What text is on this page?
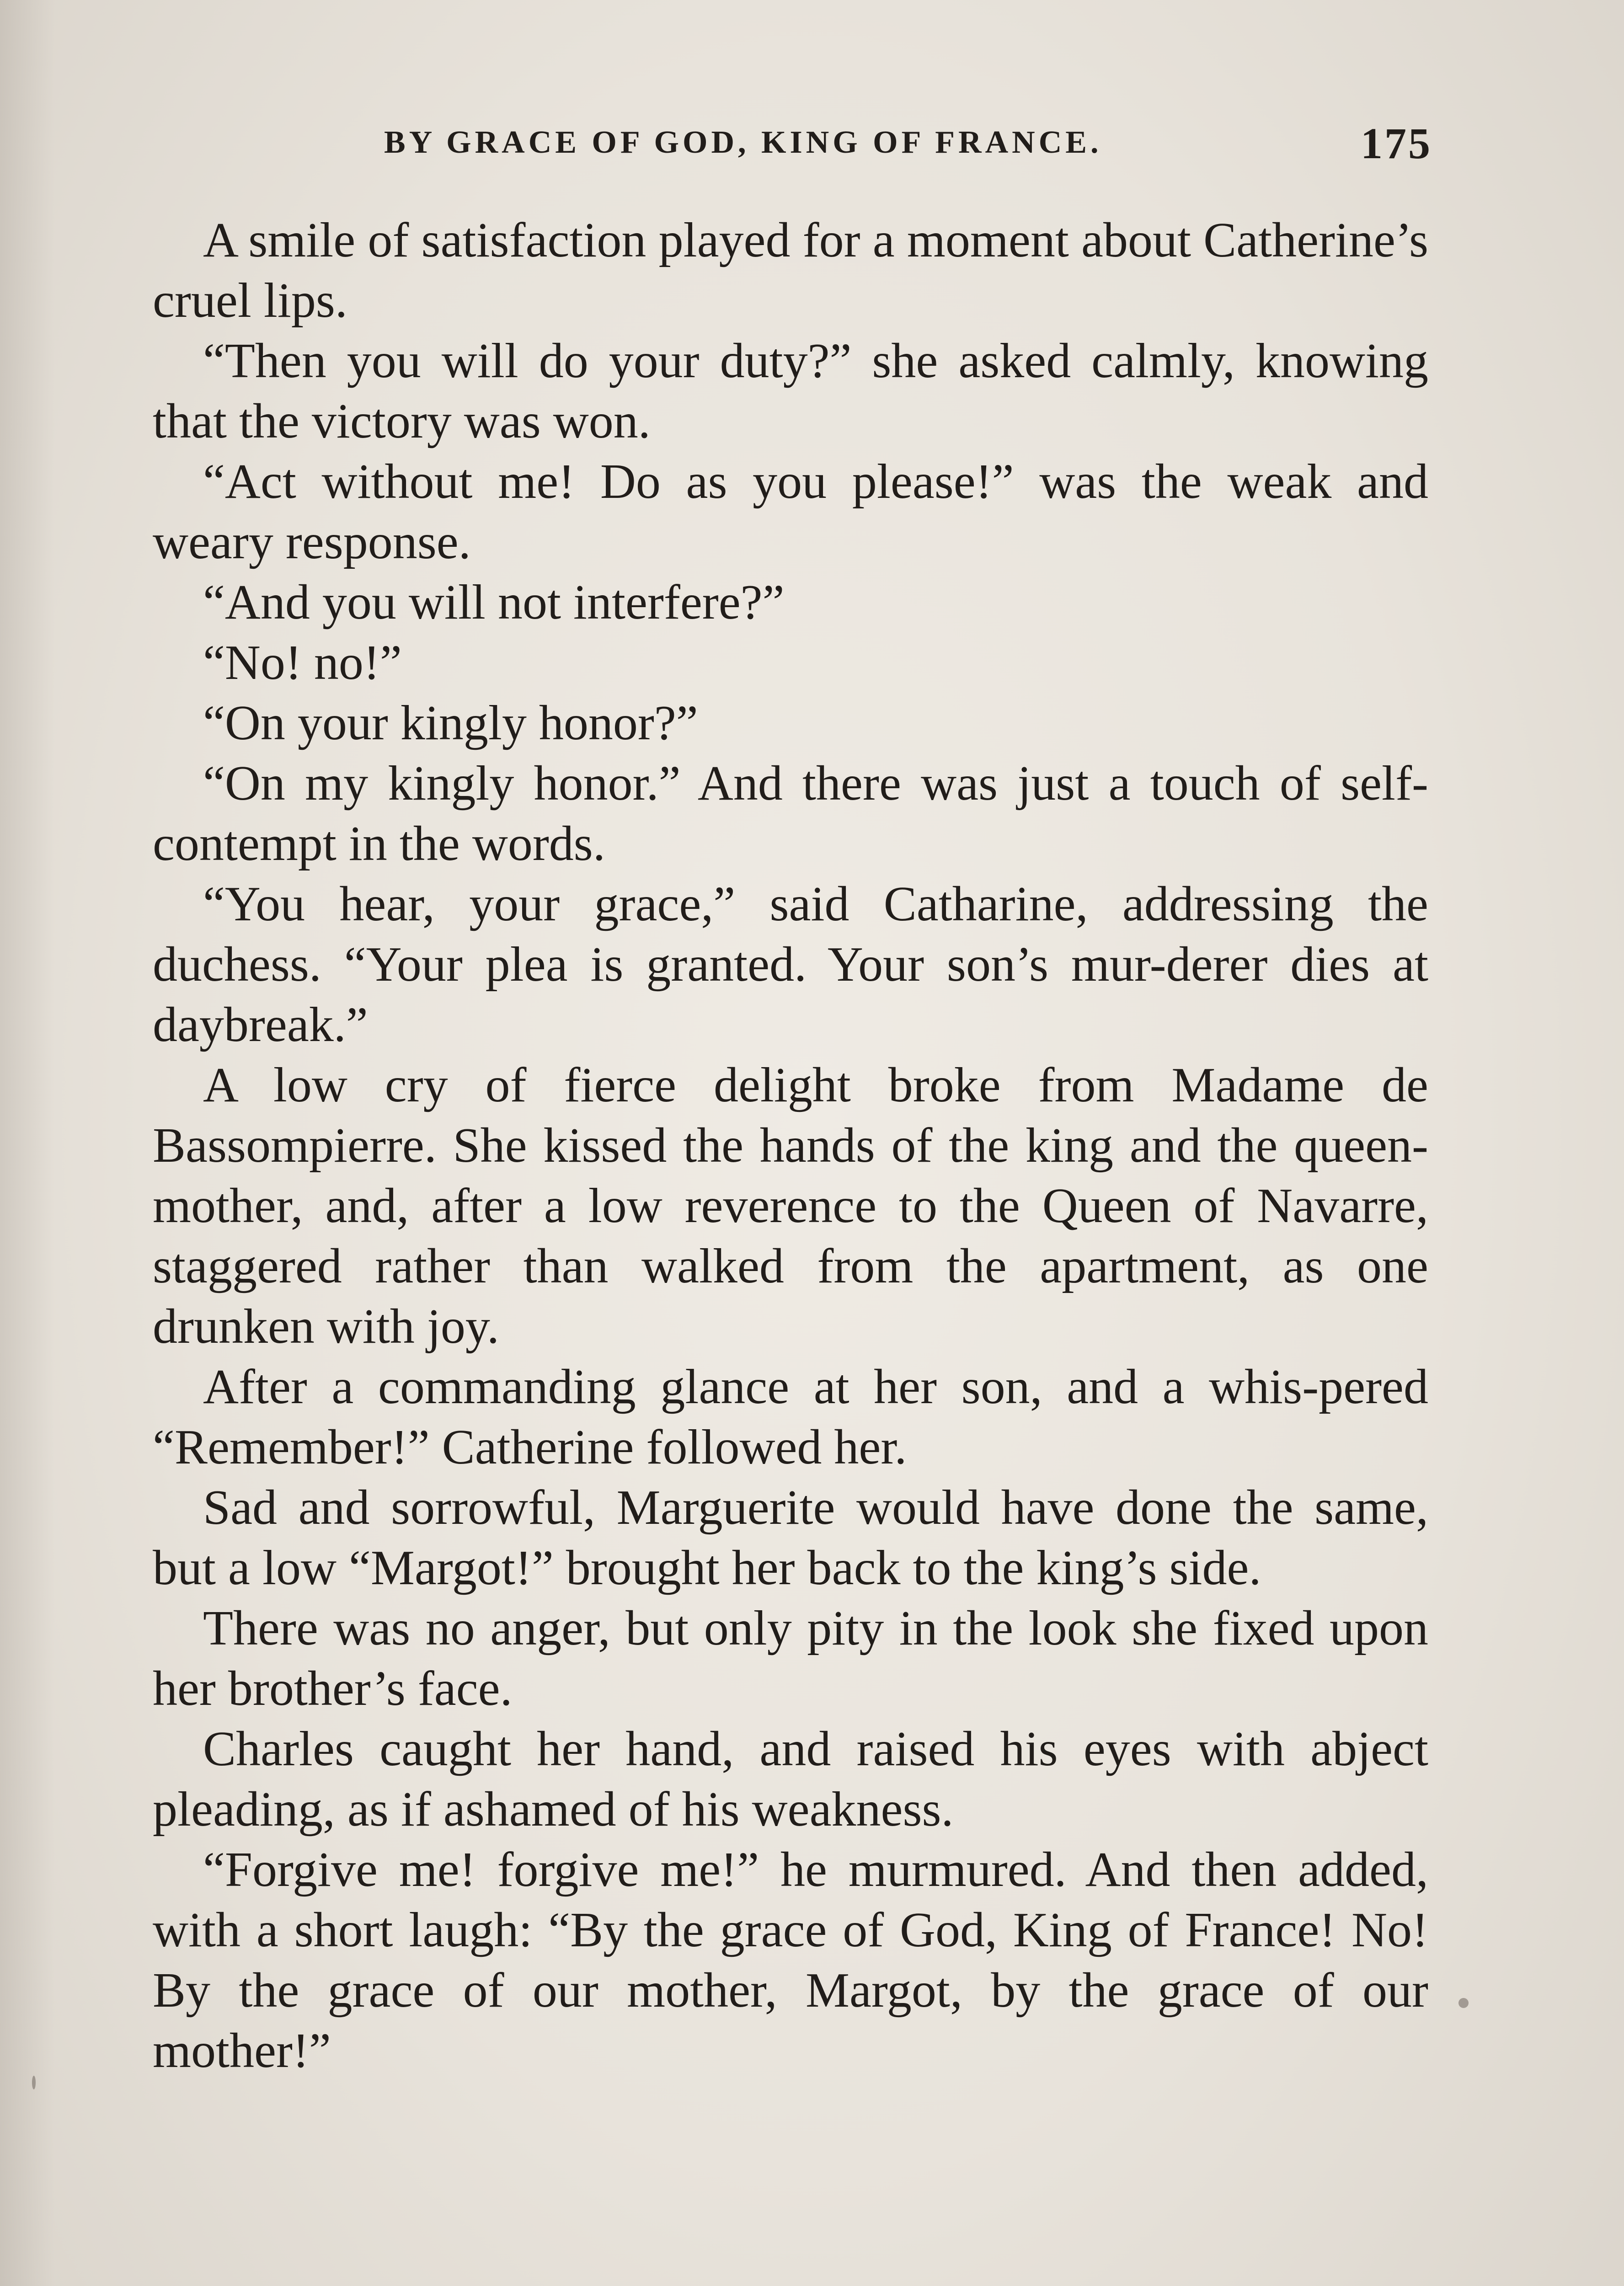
BY GRACE OF GOD, KING OF FRANCE.	175

A smile of satisfaction played for a moment about Catherine’s cruel lips.

“Then you will do your duty?” she asked calmly, knowing that the victory was won.

“Act without me! Do as you please!” was the weak and weary response.

“And you will not interfere?”

“No! no!”

“On your kingly honor?”

“On my kingly honor.” And there was just a touch of self-contempt in the words.

“You hear, your grace,” said Catharine, addressing the duchess. “Your plea is granted. Your son’s mur-derer dies at daybreak.”

A low cry of fierce delight broke from Madame de Bassompierre. She kissed the hands of the king and the queen-mother, and, after a low reverence to the Queen of Navarre, staggered rather than walked from the apartment, as one drunken with joy.

After a commanding glance at her son, and a whis-pered “Remember!” Catherine followed her.

Sad and sorrowful, Marguerite would have done the same, but a low “Margot!” brought her back to the king’s side.

There was no anger, but only pity in the look she fixed upon her brother’s face.

Charles caught her hand, and raised his eyes with abject pleading, as if ashamed of his weakness.

“Forgive me! forgive me!” he murmured. And then added, with a short laugh: “By the grace of God, King of France! No! By the grace of our mother, Margot, by the grace of our mother!”
